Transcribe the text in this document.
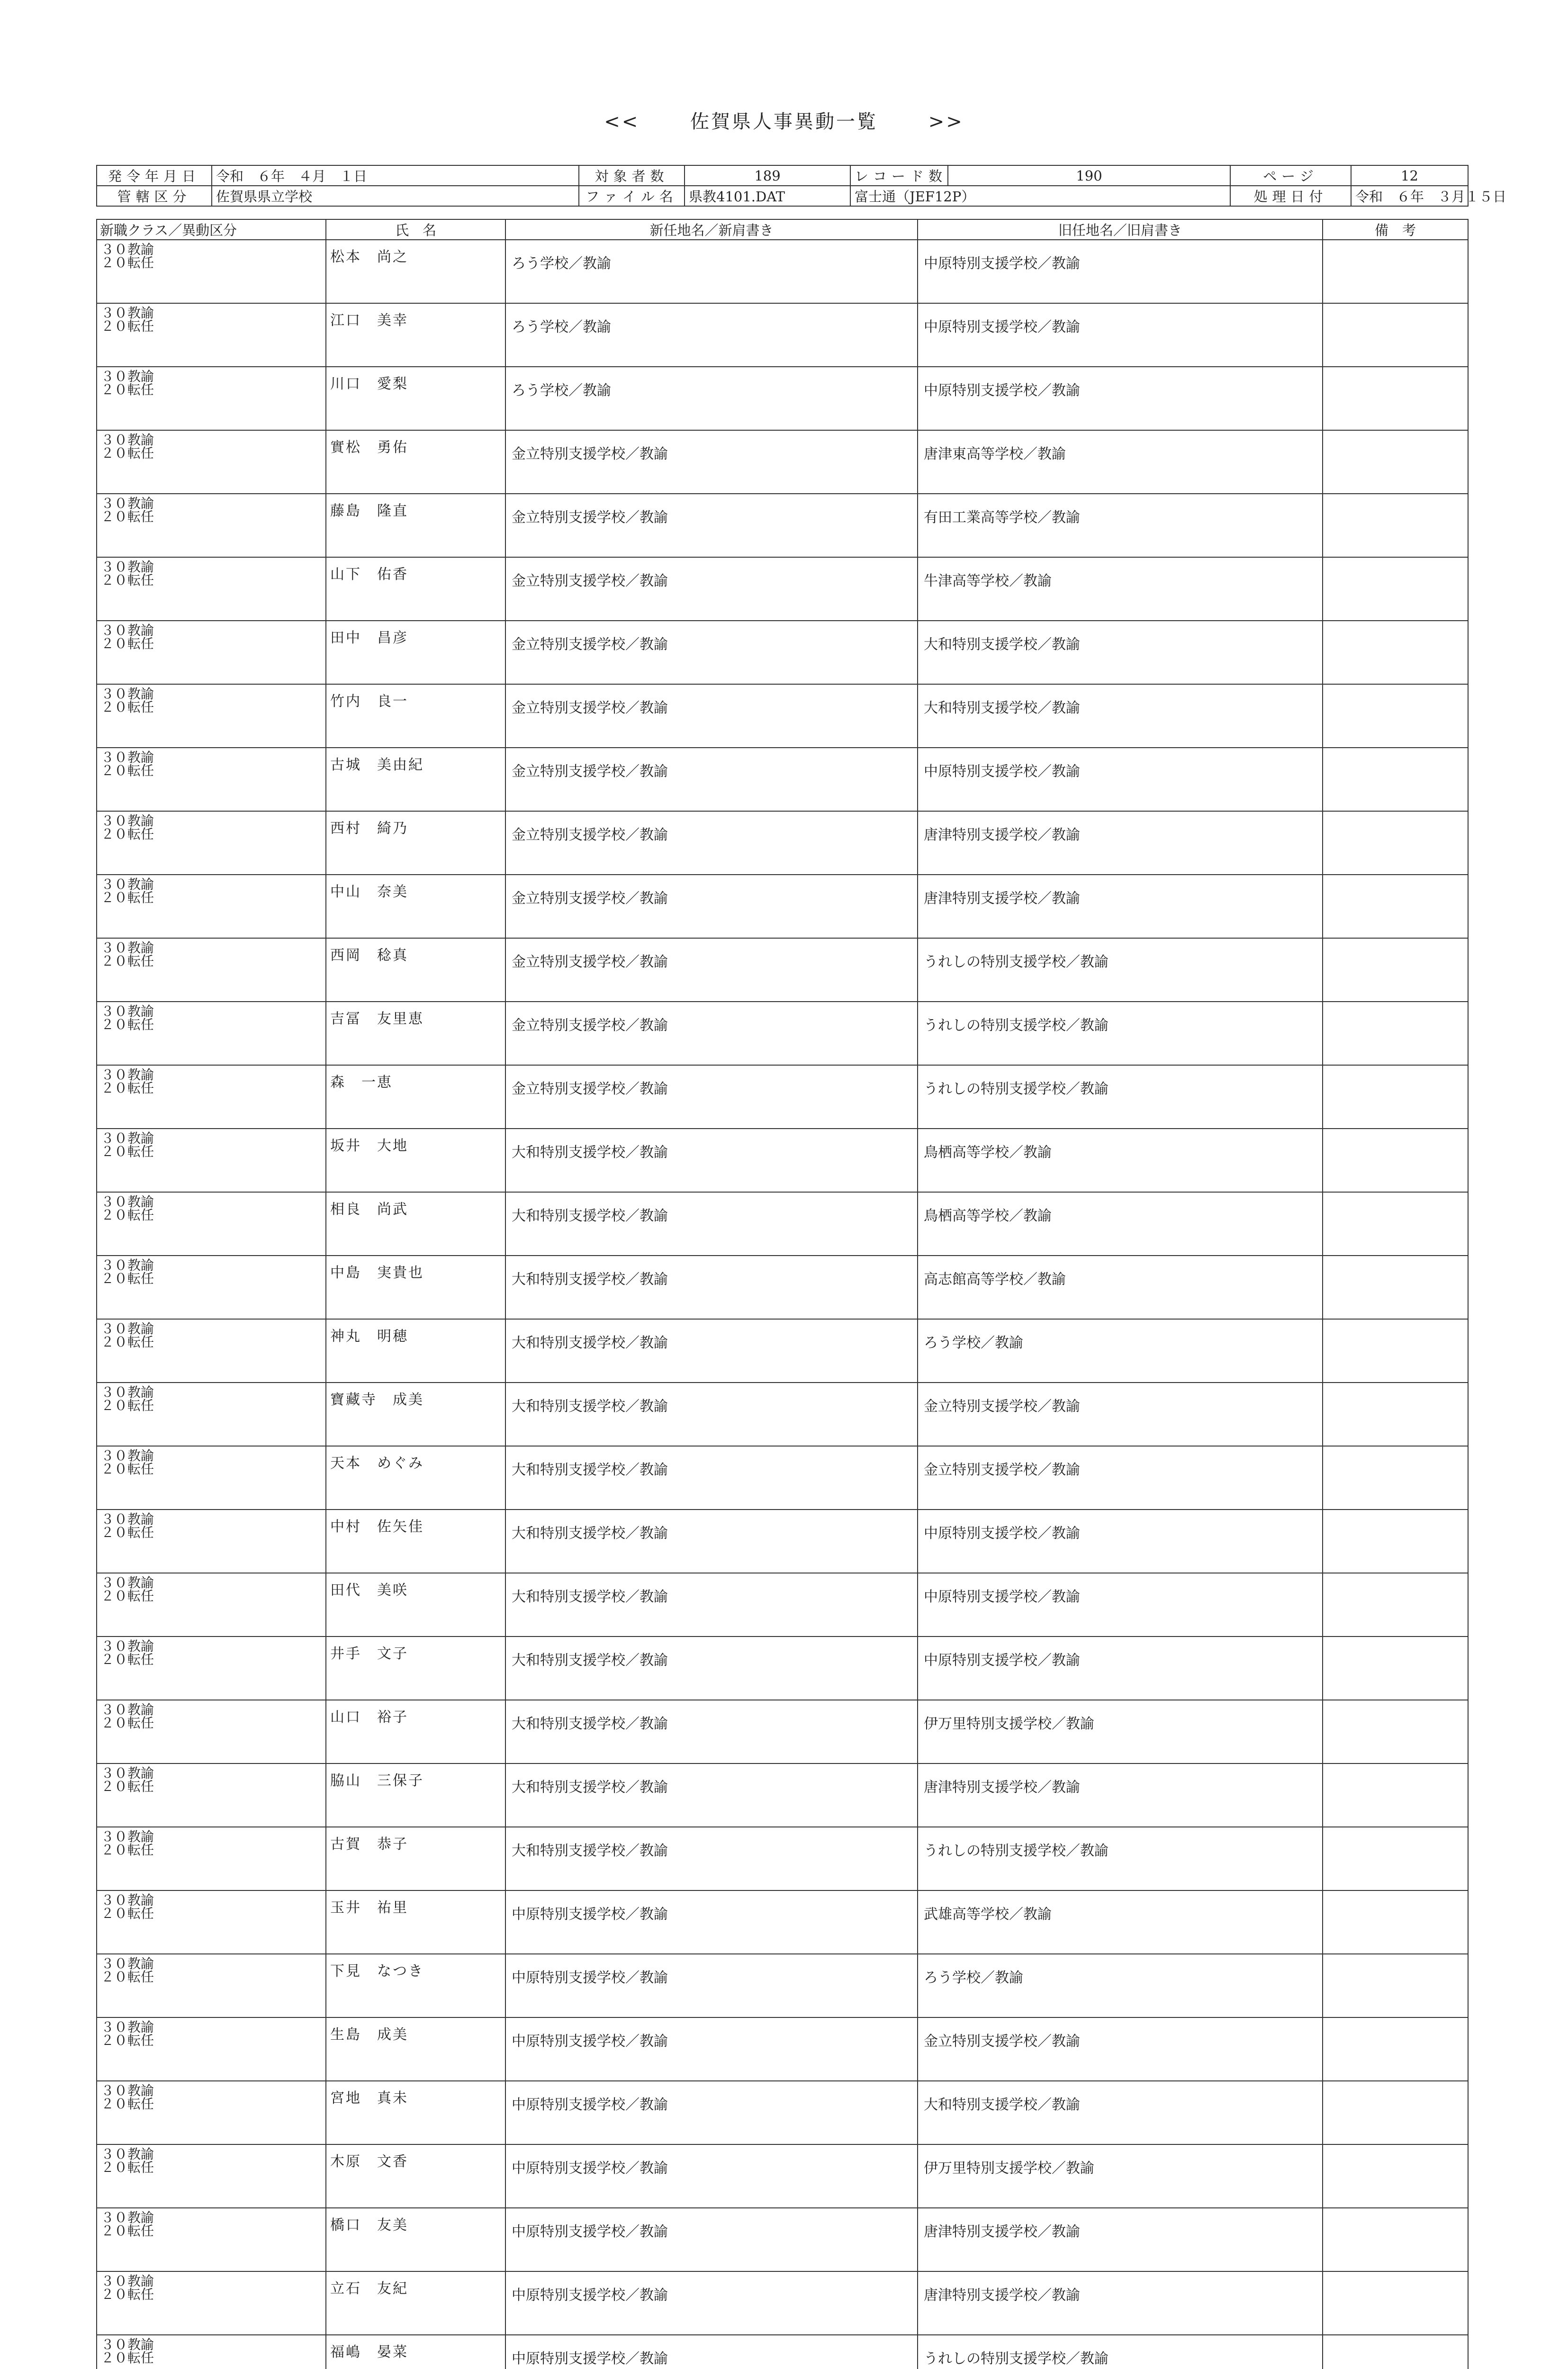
<<	佐賀県人事異動一覧	>>
発令年月日	令和　６年　４月　１日	対象者数	189	レコード数	190	ページ	12
管轄区分	佐賀県県立学校	ファイル名	県教4101.DAT	富士通（JEF12P）		処理日付	令和　６年　３月１５日
新職クラス／異動区分	氏　名	新任地名／新肩書き	旧任地名／旧肩書き	備　考

３０教諭
２０転任	松本　尚之	ろう学校／教諭	中原特別支援学校／教諭	

３０教諭
２０転任	江口　美幸	ろう学校／教諭	中原特別支援学校／教諭	

３０教諭
２０転任	川口　愛梨	ろう学校／教諭	中原特別支援学校／教諭	

３０教諭
２０転任	實松　勇佑	金立特別支援学校／教諭	唐津東高等学校／教諭	

３０教諭
２０転任	藤島　隆直	金立特別支援学校／教諭	有田工業高等学校／教諭	

３０教諭
２０転任	山下　佑香	金立特別支援学校／教諭	牛津高等学校／教諭	

３０教諭
２０転任	田中　昌彦	金立特別支援学校／教諭	大和特別支援学校／教諭	

３０教諭
２０転任	竹内　良一	金立特別支援学校／教諭	大和特別支援学校／教諭	

３０教諭
２０転任	古城　美由紀	金立特別支援学校／教諭	中原特別支援学校／教諭	

３０教諭
２０転任	西村　綺乃	金立特別支援学校／教諭	唐津特別支援学校／教諭	

３０教諭
２０転任	中山　奈美	金立特別支援学校／教諭	唐津特別支援学校／教諭	

３０教諭
２０転任	西岡　稔真	金立特別支援学校／教諭	うれしの特別支援学校／教諭	

３０教諭
２０転任	吉冨　友里恵	金立特別支援学校／教諭	うれしの特別支援学校／教諭	

３０教諭
２０転任	森　一恵	金立特別支援学校／教諭	うれしの特別支援学校／教諭	

３０教諭
２０転任	坂井　大地	大和特別支援学校／教諭	鳥栖高等学校／教諭	

３０教諭
２０転任	相良　尚武	大和特別支援学校／教諭	鳥栖高等学校／教諭	

３０教諭
２０転任	中島　実貴也	大和特別支援学校／教諭	高志館高等学校／教諭	

３０教諭
２０転任	神丸　明穂	大和特別支援学校／教諭	ろう学校／教諭	

３０教諭
２０転任	寶藏寺　成美	大和特別支援学校／教諭	金立特別支援学校／教諭	

３０教諭
２０転任	天本　めぐみ	大和特別支援学校／教諭	金立特別支援学校／教諭	

３０教諭
２０転任	中村　佐矢佳	大和特別支援学校／教諭	中原特別支援学校／教諭	

３０教諭
２０転任	田代　美咲	大和特別支援学校／教諭	中原特別支援学校／教諭	

３０教諭
２０転任	井手　文子	大和特別支援学校／教諭	中原特別支援学校／教諭	

３０教諭
２０転任	山口　裕子	大和特別支援学校／教諭	伊万里特別支援学校／教諭	

３０教諭
２０転任	脇山　三保子	大和特別支援学校／教諭	唐津特別支援学校／教諭	

３０教諭
２０転任	古賀　恭子	大和特別支援学校／教諭	うれしの特別支援学校／教諭	

３０教諭
２０転任	玉井　祐里	中原特別支援学校／教諭	武雄高等学校／教諭	

３０教諭
２０転任	下見　なつき	中原特別支援学校／教諭	ろう学校／教諭	

３０教諭
２０転任	生島　成美	中原特別支援学校／教諭	金立特別支援学校／教諭	

３０教諭
２０転任	宮地　真未	中原特別支援学校／教諭	大和特別支援学校／教諭	

３０教諭
２０転任	木原　文香	中原特別支援学校／教諭	伊万里特別支援学校／教諭	

３０教諭
２０転任	橋口　友美	中原特別支援学校／教諭	唐津特別支援学校／教諭	

３０教諭
２０転任	立石　友紀	中原特別支援学校／教諭	唐津特別支援学校／教諭	

３０教諭
２０転任	福嶋　晏菜	中原特別支援学校／教諭	うれしの特別支援学校／教諭	
